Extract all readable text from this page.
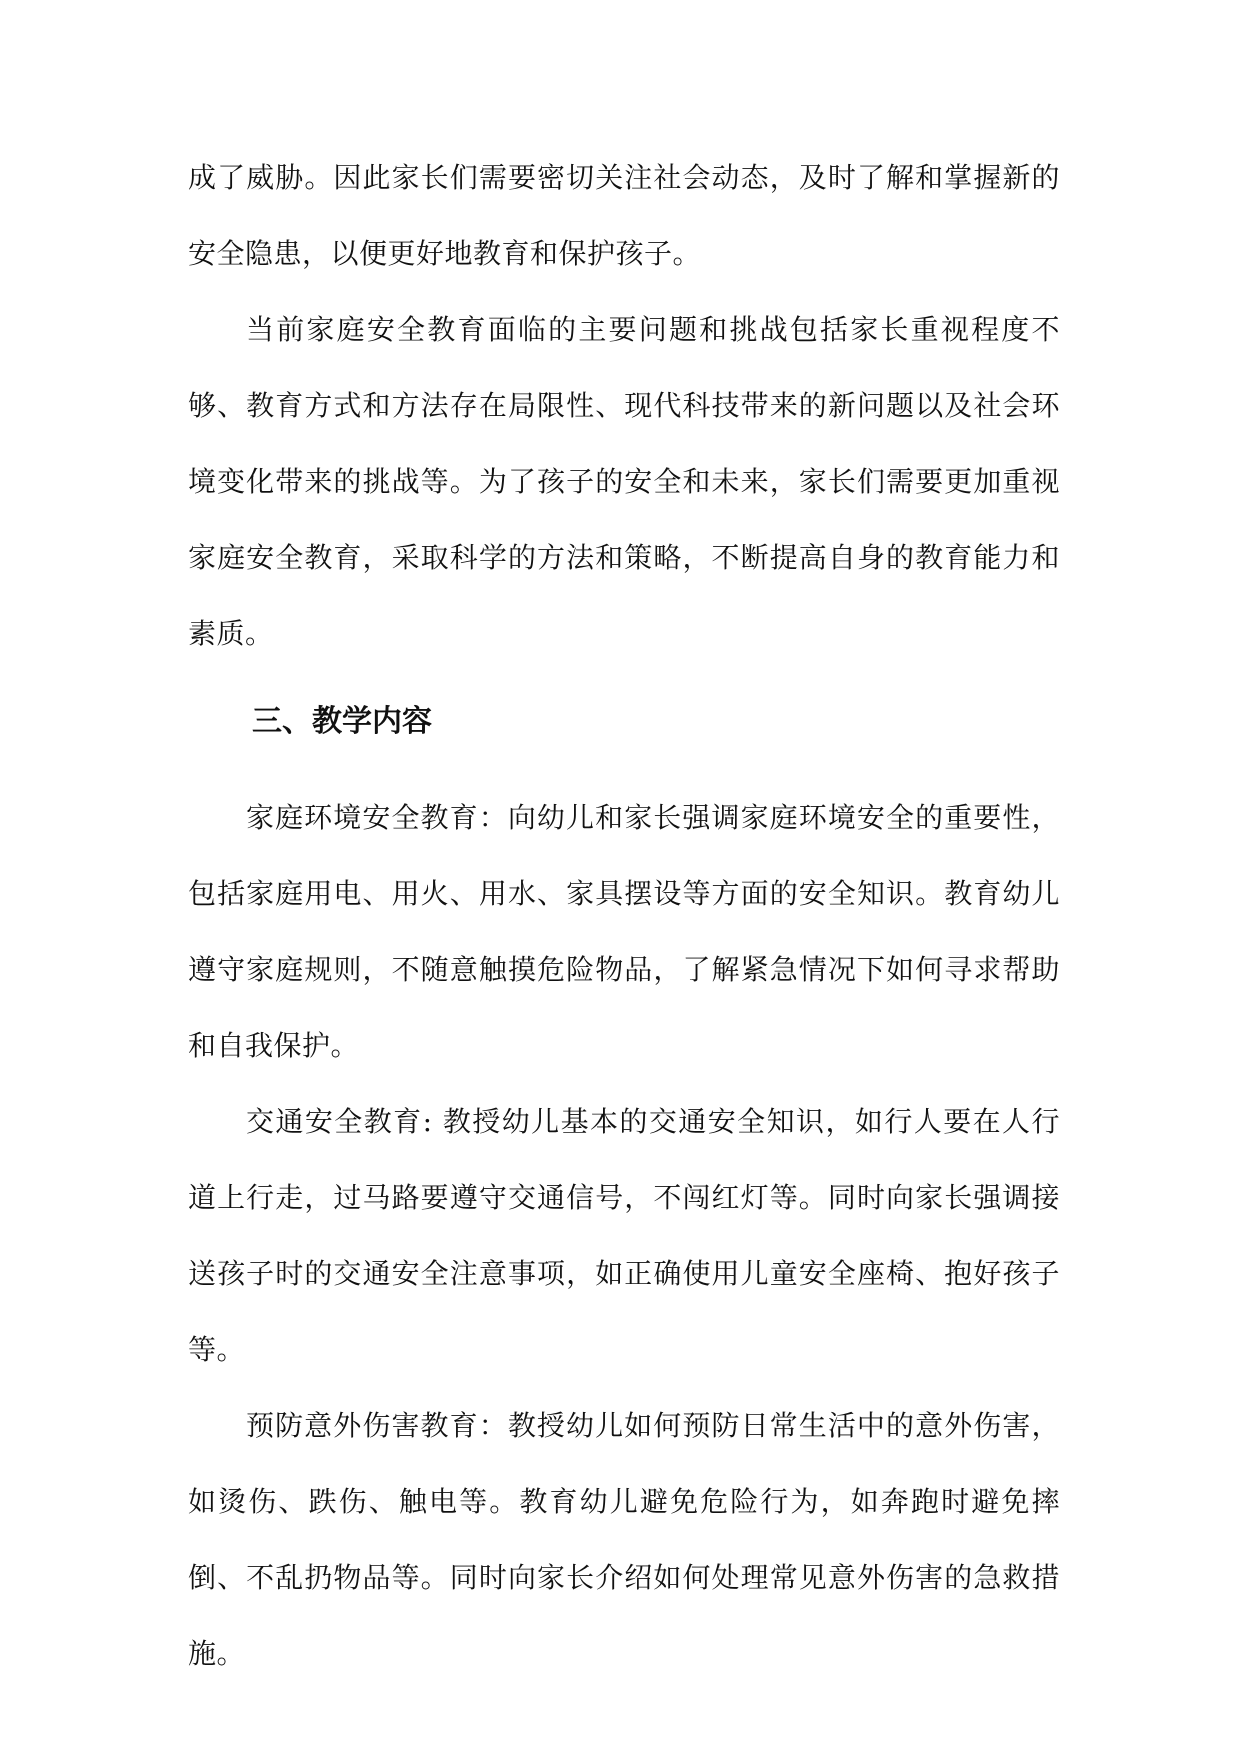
成了威胁。因此家长们需要密切关注社会动态，及时了解和掌握新的安全隐患，以便更好地教育和保护孩子。

当前家庭安全教育面临的主要问题和挑战包括家长重视程度不够、教育方式和方法存在局限性、现代科技带来的新问题以及社会环境变化带来的挑战等。为了孩子的安全和未来，家长们需要更加重视家庭安全教育，采取科学的方法和策略，不断提高自身的教育能力和素质。

三、教学内容

家庭环境安全教育：向幼儿和家长强调家庭环境安全的重要性，包括家庭用电、用火、用水、家具摆设等方面的安全知识。教育幼儿遵守家庭规则，不随意触摸危险物品，了解紧急情况下如何寻求帮助和自我保护。

交通安全教育: 教授幼儿基本的交通安全知识，如行人要在人行道上行走，过马路要遵守交通信号，不闯红灯等。同时向家长强调接送孩子时的交通安全注意事项，如正确使用儿童安全座椅、抱好孩子等。

预防意外伤害教育：教授幼儿如何预防日常生活中的意外伤害，如烫伤、跌伤、触电等。教育幼儿避免危险行为，如奔跑时避免摔倒、不乱扔物品等。同时向家长介绍如何处理常见意外伤害的急救措施。
